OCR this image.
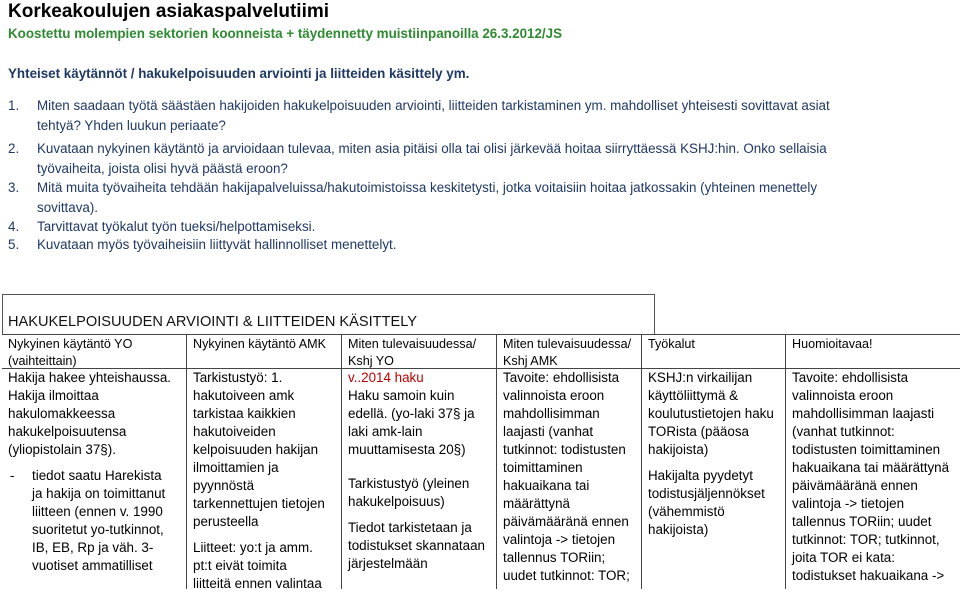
Korkeakoulujen asiakaspalvelutiimi
Koostettu molempien sektorien koonneista + täydennetty muistiinpanoilla 26.3.2012/JS
Yhteiset käytännöt / hakukelpoisuuden arviointi ja liitteiden käsittely ym.
1. Miten saadaan työtä säästäen hakijoiden hakukelpoisuuden arviointi, liitteiden tarkistaminen ym. mahdolliset yhteisesti sovittavat asiat
tehtyä? Yhden luukun periaate?
2. Kuvataan nykyinen käytäntö ja arvioidaan tulevaa, miten asia pitäisi olla tai olisi järkevää hoitaa siirryttäessä KSHJ:hin. Onko sellaisia
työvaiheita, joista olisi hyvä päästä eroon?
3. Mitä muita työvaiheita tehdään hakijapalveluissa/hakutoimistoissa keskitetysti, jotka voitaisiin hoitaa jatkossakin (yhteinen menettely
sovittava).
4. Tarvittavat työkalut työn tueksi/helpottamiseksi.
5. Kuvataan myös työvaiheisiin liittyvät hallinnolliset menettelyt.
HAKUKELPOISUUDEN ARVIOINTI & LIITTEIDEN KÄSITTELY
Nykyinen käytäntö YO
(vaihteittain)
Nykyinen käytäntö AMK Miten tulevaisuudessa/
Kshj YO
Miten tulevaisuudessa/
Kshj AMK
Työkalut	Huomioitavaa!
Hakija hakee yhteishaussa.
Hakija ilmoittaa
hakulomakkeessa
hakukelpoisuutensa
(yliopistolain 37§).
- tiedot saatu Harekista
ja hakija on toimittanut
liitteen (ennen v. 1990
suoritetut yo-tutkinnot,
IB, EB, Rp ja väh. 3-
vuotiset ammatilliset
Tarkistustyö: 1.
hakutoiveen amk
tarkistaa kaikkien
hakutoiveiden
kelpoisuuden hakijan
ilmoittamien ja
pyynnöstä
tarkennettujen tietojen
perusteella
Liitteet: yo:t ja amm.
pt:t eivät toimita
liitteitä ennen valintaa
v..2014 haku
Haku samoin kuin
edellä. (yo-laki 37§ ja
laki amk-lain
muuttamisesta 20§)
Tarkistustyö (yleinen
hakukelpoisuus)
Tiedot tarkistetaan ja
todistukset skannataan
järjestelmään
Tavoite: ehdollisista
valinnoista eroon
mahdollisimman
laajasti (vanhat
tutkinnot: todistusten
toimittaminen
hakuaikana tai
määrättynä
päivämääränä ennen
valintoja -> tietojen
tallennus TORiin;
uudet tutkinnot: TOR;
KSHJ:n virkailijan
käyttöliittymä &
koulutustietojen haku
TORista (pääosa
hakijoista)
Hakijalta pyydetyt
todistusjäljennökset
(vähemmistö
hakijoista)
Tavoite: ehdollisista
valinnoista eroon
mahdollisimman laajasti
(vanhat tutkinnot:
todistusten toimittaminen
hakuaikana tai määrättynä
päivämääränä ennen
valintoja -> tietojen
tallennus TORiin; uudet
tutkinnot: TOR; tutkinnot,
joita TOR ei kata:
todistukset hakuaikana ->
